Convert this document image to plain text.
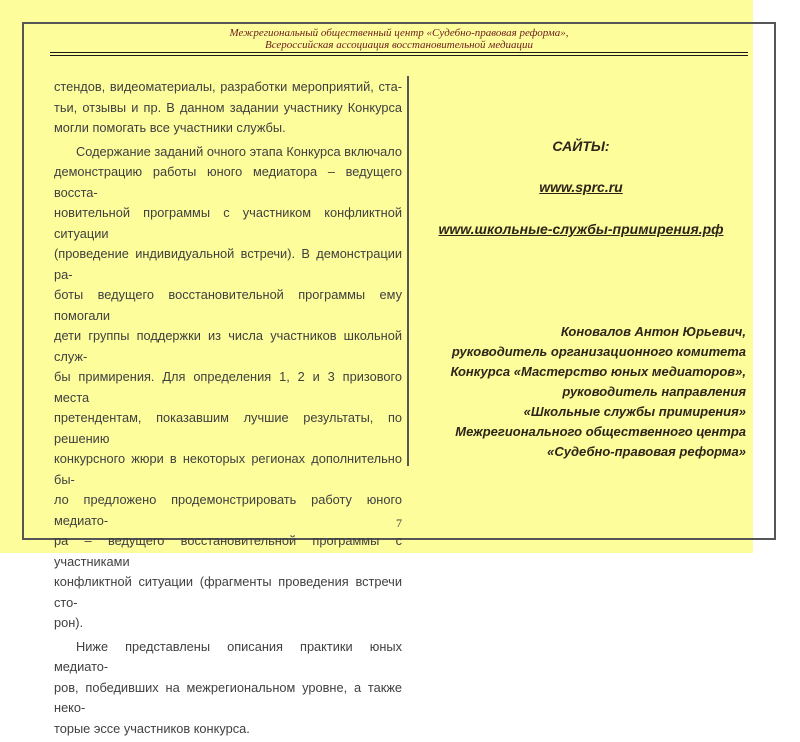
Межрегиональный общественный центр «Судебно-правовая реформа»,
Всероссийская ассоциация восстановительной медиации
стендов, видеоматериалы, разработки мероприятий, ста-
тьи, отзывы и пр. В данном задании участнику Конкурса
могли помогать все участники службы.
Содержание заданий очного этапа Конкурса включало
демонстрацию работы юного медиатора – ведущего восста-
новительной программы с участником конфликтной ситуации
(проведение индивидуальной встречи). В демонстрации ра-
боты ведущего восстановительной программы ему помогали
дети группы поддержки из числа участников школьной служ-
бы примирения. Для определения 1, 2 и 3 призового места
претендентам, показавшим лучшие результаты, по решению
конкурсного жюри в некоторых регионах дополнительно бы-
ло предложено продемонстрировать работу юного медиато-
ра – ведущего восстановительной программы с участниками
конфликтной ситуации (фрагменты проведения встречи сто-
рон).
Ниже представлены описания практики юных медиато-
ров, победивших на межрегиональном уровне, а также неко-
торые эссе участников конкурса.
САЙТЫ:
www.sprc.ru
www.школьные-службы-примирения.рф
Коновалов Антон Юрьевич,
руководитель организационного комитета
Конкурса «Мастерство юных медиаторов»,
руководитель направления
«Школьные службы примирения»
Межрегионального общественного центра
«Судебно-правовая реформа»
7
